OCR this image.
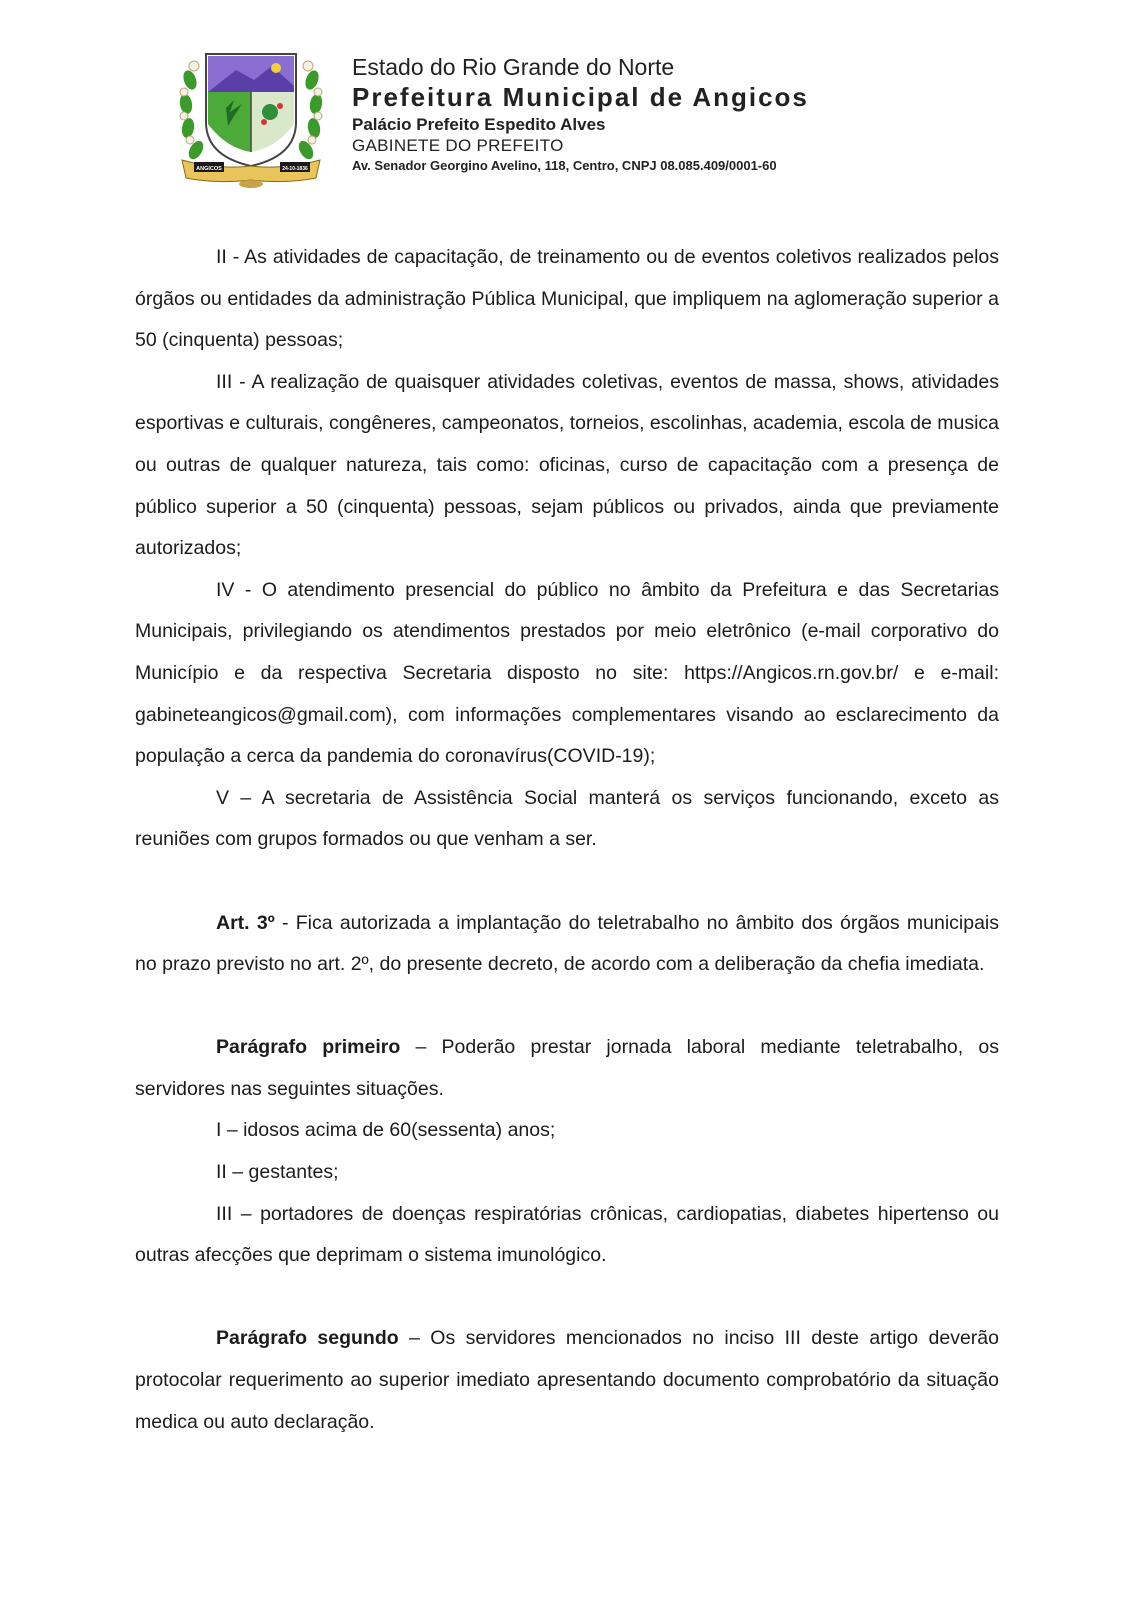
ANGICOS	24-10-1836
Estado do Rio Grande do Norte
Prefeitura Municipal de Angicos
Palácio Prefeito Espedito Alves
GABINETE DO PREFEITO
Av. Senador Georgino Avelino, 118, Centro, CNPJ 08.085.409/0001-60

II - As atividades de capacitação, de treinamento ou de eventos coletivos realizados pelos órgãos ou entidades da administração Pública Municipal, que impliquem na aglomeração superior a 50 (cinquenta) pessoas;

III - A realização de quaisquer atividades coletivas, eventos de massa, shows, atividades esportivas e culturais, congêneres, campeonatos, torneios, escolinhas, academia, escola de musica ou outras de qualquer natureza, tais como: oficinas, curso de capacitação com a presença de público superior a 50 (cinquenta) pessoas, sejam públicos ou privados, ainda que previamente autorizados;

IV - O atendimento presencial do público no âmbito da Prefeitura e das Secretarias Municipais, privilegiando os atendimentos prestados por meio eletrônico (e-mail corporativo do Município e da respectiva Secretaria disposto no site: https://Angicos.rn.gov.br/ e e-mail: gabineteangicos@gmail.com), com informações complementares visando ao esclarecimento da população a cerca da pandemia do coronavírus(COVID-19);

V – A secretaria de Assistência Social manterá os serviços funcionando, exceto as reuniões com grupos formados ou que venham a ser.

Art. 3º - Fica autorizada a implantação do teletrabalho no âmbito dos órgãos municipais no prazo previsto no art. 2º, do presente decreto, de acordo com a deliberação da chefia imediata.

Parágrafo primeiro – Poderão prestar jornada laboral mediante teletrabalho, os servidores nas seguintes situações.

I – idosos acima de 60(sessenta) anos;

II – gestantes;

III – portadores de doenças respiratórias crônicas, cardiopatias, diabetes hipertenso ou outras afecções que deprimam o sistema imunológico.

Parágrafo segundo – Os servidores mencionados no inciso III deste artigo deverão protocolar requerimento ao superior imediato apresentando documento comprobatório da situação medica ou auto declaração.
